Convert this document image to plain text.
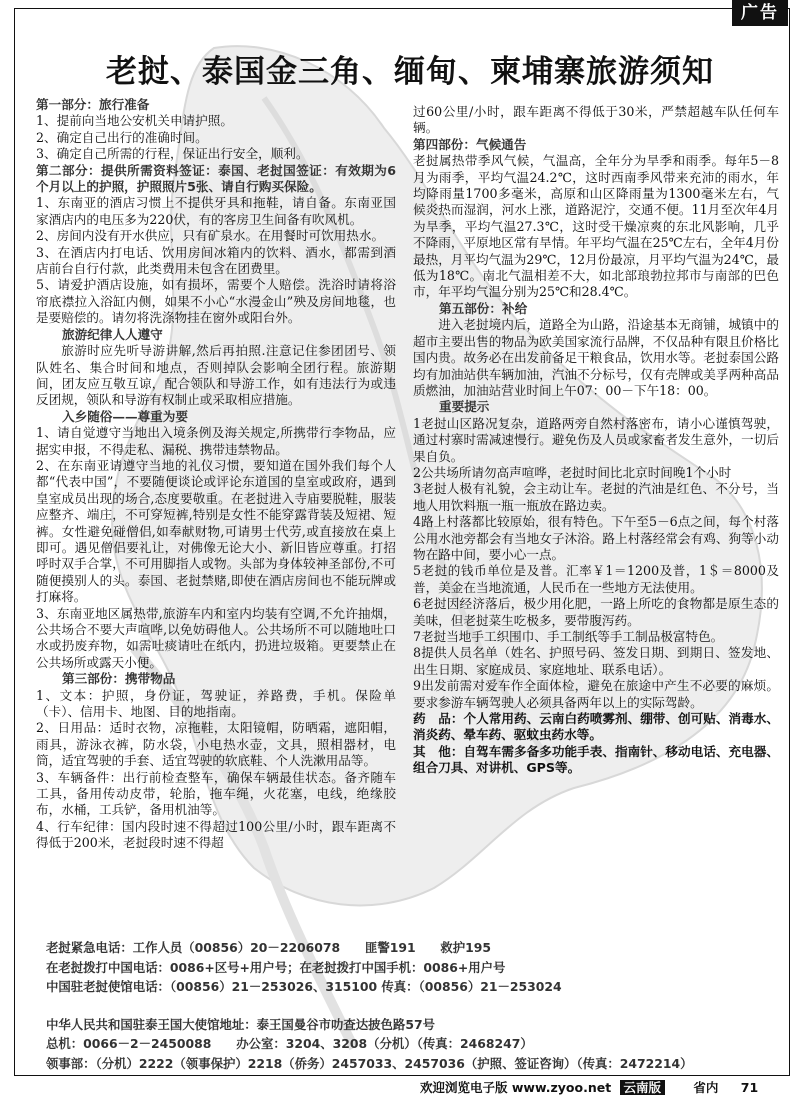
广告
老挝、泰国金三角、缅甸、柬埔寨旅游须知

第一部分：旅行准备

1、提前向当地公安机关申请护照。

2、确定自己出行的准确时间。

3、确定自己所需的行程，保证出行安全，顺利。

第二部分：提供所需资料签证：泰国、老挝国签证：有效期为6个月以上的护照，护照照片5张、请自行购买保险。

1、东南亚的酒店习惯上不提供牙具和拖鞋，请自备。东南亚国家酒店内的电压多为220伏，有的客房卫生间备有吹风机。

2、房间内没有开水供应，只有矿泉水。在用餐时可饮用热水。

3、在酒店内打电话、饮用房间冰箱内的饮料、酒水，都需到酒店前台自行付款，此类费用未包含在团费里。

5、请爱护酒店设施，如有损坏，需要个人赔偿。洗浴时请将浴帘底襟拉入浴缸内侧，如果不小心“水漫金山”殃及房间地毯，也是要赔偿的。请勿将洗涤物挂在窗外或阳台外。

旅游纪律人人遵守

旅游时应先听导游讲解,然后再拍照.注意记住参团团号、领队姓名、集合时间和地点，否则掉队会影响全团行程。旅游期间，团友应互敬互谅，配合领队和导游工作，如有违法行为或违反团规，领队和导游有权制止或采取相应措施。

入乡随俗——尊重为要

1、请自觉遵守当地出入境条例及海关规定,所携带行李物品，应据实申报，不得走私、漏税、携带违禁物品。

2、在东南亚请遵守当地的礼仪习惯，要知道在国外我们每个人都“代表中国”，不要随便谈论或评论东道国的皇室或政府，遇到皇室成员出现的场合,态度要敬重。在老挝进入寺庙要脱鞋，服装应整齐、端庄，不可穿短裤,特别是女性不能穿露背装及短裙、短裤。女性避免碰僧侣,如奉献财物,可请男士代劳,或直接放在桌上即可。遇见僧侣要礼让，对佛像无论大小、新旧皆应尊重。打招呼时双手合掌，不可用脚指人或物。头部为身体较神圣部份,不可随便摸别人的头。泰国、老挝禁赌,即使在酒店房间也不能玩牌或打麻将。

3、东南亚地区属热带,旅游车内和室内均装有空调,不允许抽烟，公共场合不要大声喧哗,以免妨碍他人。公共场所不可以随地吐口水或扔废弃物，如需吐痰请吐在纸内，扔进垃圾箱。更要禁止在公共场所或露天小便。

第三部份：携带物品

1、文本：护照，身份证，驾驶证，养路费，手机。保险单（卡）、信用卡、地图、目的地指南。

2、日用品：适时衣物，凉拖鞋，太阳镜帽，防晒霜，遮阳帽，雨具，游泳衣裤，防水袋，小电热水壶，文具，照相器材，电筒，适宜驾驶的手套、适宜驾驶的软底鞋、个人洗漱用品等。

3、车辆备件：出行前检查整车，确保车辆最佳状态。备齐随车工具，备用传动皮带，轮胎，拖车绳，火花塞，电线，绝缘胶布，水桶，工兵铲，备用机油等。

4、行车纪律：国内段时速不得超过100公里/小时，跟车距离不得低于200米，老挝段时速不得超

过60公里/小时，跟车距离不得低于30米，严禁超越车队任何车辆。

第四部份：气候通告

老挝属热带季风气候，气温高，全年分为旱季和雨季。每年5－8月为雨季，平均气温24.2℃，这时西南季风带来充沛的雨水，年均降雨量1700多毫米，高原和山区降雨量为1300毫米左右，气候炎热而湿润，河水上涨，道路泥泞，交通不便。11月至次年4月为旱季，平均气温27.3℃，这时受干燥凉爽的东北风影响，几乎不降雨，平原地区常有旱情。年平均气温在25℃左右，全年4月份最热，月平均气温为29℃，12月份最凉，月平均气温为24℃，最低为18℃。南北气温相差不大，如北部琅勃拉邦市与南部的巴色市，年平均气温分别为25℃和28.4℃。

第五部份：补给

进入老挝境内后，道路全为山路，沿途基本无商铺，城镇中的超市主要出售的物品为欧美国家流行品牌，不仅品种有限且价格比国内贵。故务必在出发前备足干粮食品，饮用水等。老挝泰国公路均有加油站供车辆加油，汽油不分标号，仅有壳牌或美孚两种高品质燃油，加油站营业时间上午07：00－下午18：00。

重要提示

1老挝山区路况复杂，道路两旁自然村落密布，请小心谨慎驾驶，通过村寨时需减速慢行。避免伤及人员或家畜者发生意外，一切后果自负。

2公共场所请勿高声喧哗，老挝时间比北京时间晚1个小时

3老挝人极有礼貌，会主动让车。老挝的汽油是红色、不分号，当地人用饮料瓶一瓶一瓶放在路边卖。

4路上村落都比较原始，很有特色。下午至5－6点之间，每个村落公用水池旁都会有当地女子沐浴。路上村落经常会有鸡、狗等小动物在路中间，要小心一点。

5老挝的钱币单位是及普。汇率￥1＝1200及普，1＄＝8000及普，美金在当地流通，人民币在一些地方无法使用。

6老挝因经济落后，极少用化肥，一路上所吃的食物都是原生态的美味，但老挝菜生吃极多，要带腹泻药。

7老挝当地手工织围巾、手工制纸等手工制品极富特色。

8提供人员名单（姓名、护照号码、签发日期、到期日、签发地、出生日期、家庭成员、家庭地址、联系电话）。

9出发前需对爱车作全面体检，避免在旅途中产生不必要的麻烦。要求参游车辆驾驶人必须具备两年以上的实际驾龄。

药　品：个人常用药、云南白药喷雾剂、绷带、创可贴、消毒水、消炎药、晕车药、驱蚊虫药水等。

其　他：自驾车需多备多功能手表、指南针、移动电话、充电器、组合刀具、对讲机、GPS等。

老挝紧急电话：工作人员（00856）20－2206078　　匪警191　　救护195

在老挝拨打中国电话：0086+区号+用户号；在老挝拨打中国手机：0086+用户号

中国驻老挝使馆电话：（00856）21－253026、315100 传真：（00856）21－253024

中华人民共和国驻泰王国大使馆地址：泰王国曼谷市叻查达披色路57号

总机：0066－2－2450088　　办公室：3204、3208（分机）（传真：2468247）

领事部：（分机）2222（领事保护）2218（侨务）2457033、2457036（护照、签证咨询）（传真：2472214）

欢迎浏览电子版 www.zyoo.net 云南版	省内 71
